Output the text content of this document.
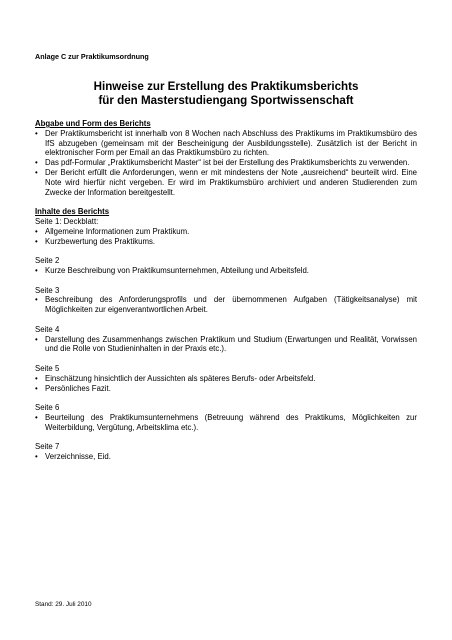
Anlage C zur Praktikumsordnung
Hinweise zur Erstellung des Praktikumsberichts
für den Masterstudiengang Sportwissenschaft

Abgabe und Form des Berichts

• Der Praktikumsbericht ist innerhalb von 8 Wochen nach Abschluss des Praktikums im Praktikumsbüro des IfS abzugeben (gemeinsam mit der Bescheinigung der Ausbildungsstelle). Zusätzlich ist der Bericht in elektronischer Form per Email an das Praktikumsbüro zu richten.
• Das pdf-Formular „Praktikumsbericht Master“ ist bei der Erstellung des Praktikumsberichts zu verwenden.
• Der Bericht erfüllt die Anforderungen, wenn er mit mindestens der Note „ausreichend“ beurteilt wird. Eine Note wird hierfür nicht vergeben. Er wird im Praktikumsbüro archiviert und anderen Studierenden zum Zwecke der Information bereitgestellt.

Inhalte des Berichts

Seite 1: Deckblatt:

• Allgemeine Informationen zum Praktikum.
• Kurzbewertung des Praktikums.

Seite 2

• Kurze Beschreibung von Praktikumsunternehmen, Abteilung und Arbeitsfeld.

Seite 3

• Beschreibung des Anforderungsprofils und der übernommenen Aufgaben (Tätigkeitsanalyse) mit Möglichkeiten zur eigenverantwortlichen Arbeit.

Seite 4

• Darstellung des Zusammenhangs zwischen Praktikum und Studium (Erwartungen und Realität, Vorwissen und die Rolle von Studieninhalten in der Praxis etc.).

Seite 5

• Einschätzung hinsichtlich der Aussichten als späteres Berufs- oder Arbeitsfeld.
• Persönliches Fazit.

Seite 6

• Beurteilung des Praktikumsunternehmens (Betreuung während des Praktikums, Möglichkeiten zur Weiterbildung, Vergütung, Arbeitsklima etc.).

Seite 7

• Verzeichnisse, Eid.
Stand: 29. Juli 2010
